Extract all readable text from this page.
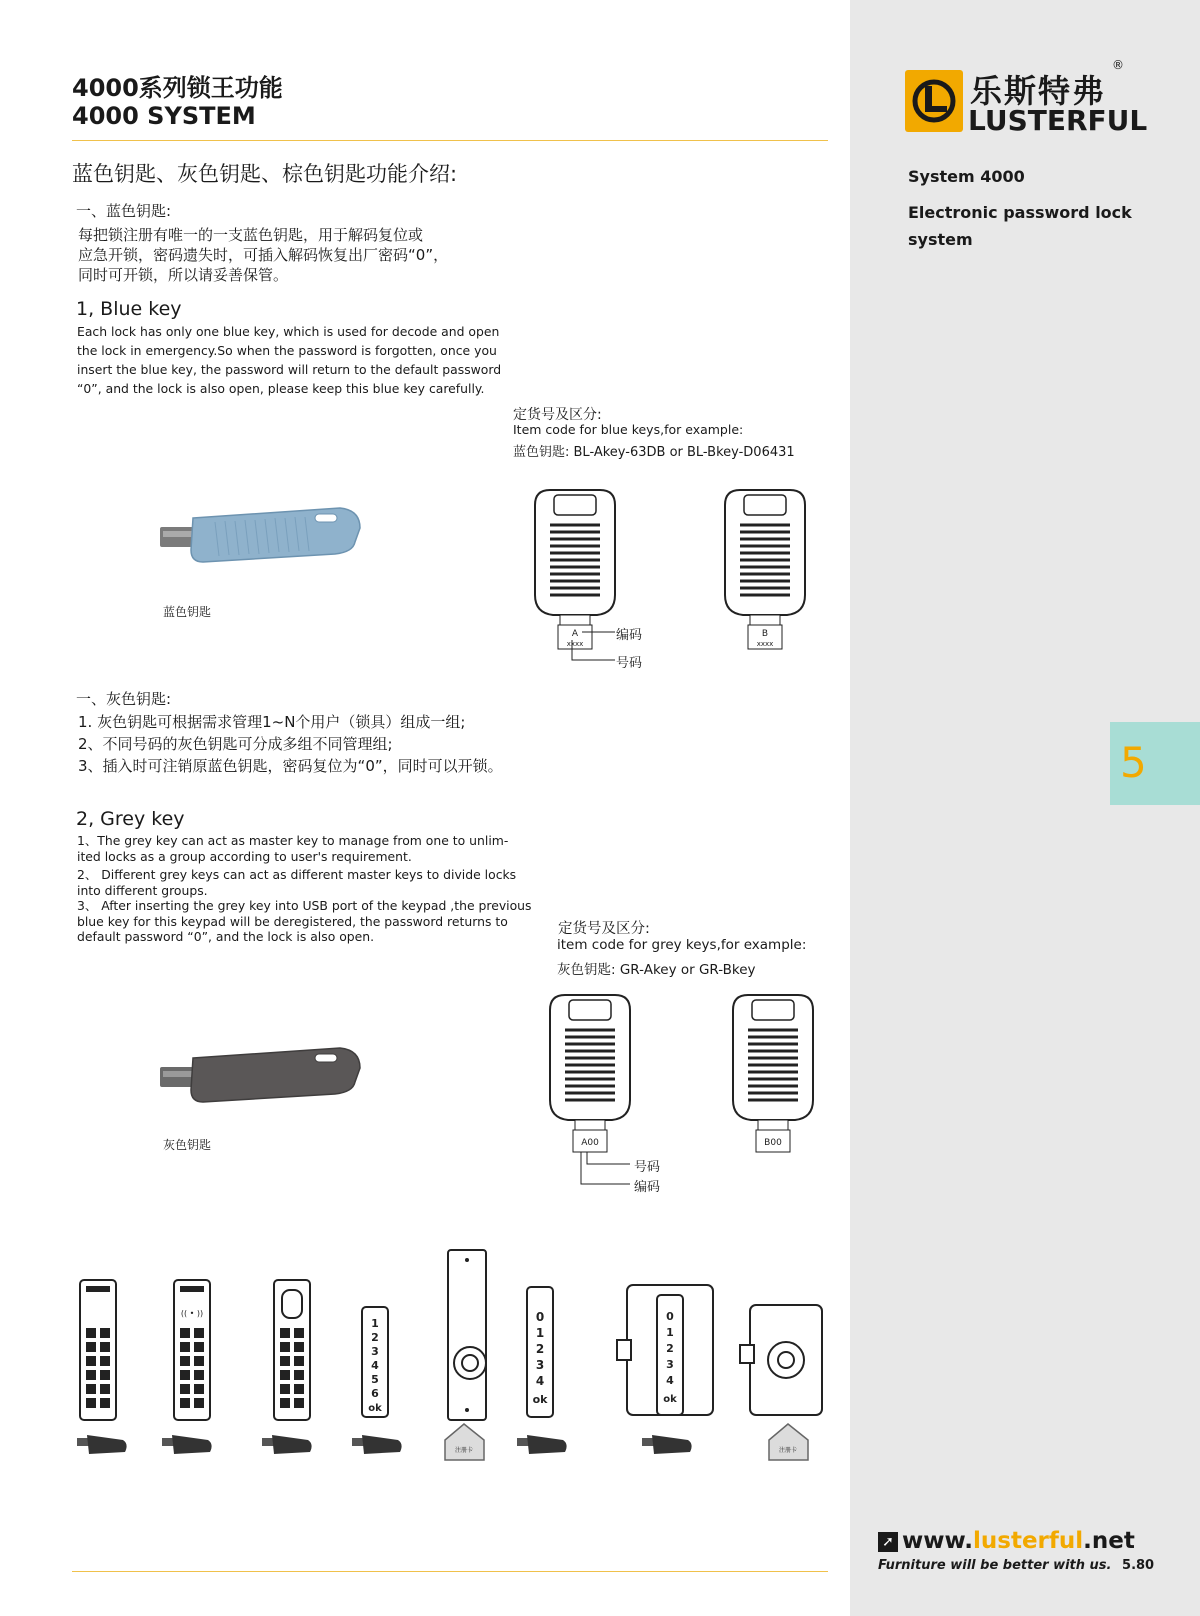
4000系列锁王功能
4000 SYSTEM
蓝色钥匙、灰色钥匙、棕色钥匙功能介绍:
一、蓝色钥匙:
每把锁注册有唯一的一支蓝色钥匙，用于解码复位或
应急开锁，密码遗失时，可插入解码恢复出厂密码“0”，
同时可开锁，所以请妥善保管。
1, Blue key
Each lock has only one blue key, which is used for decode and open
the lock in emergency.So when the password is forgotten, once you
insert the blue key, the password will return to the default password
“0”, and the lock is also open, please keep this blue key carefully.
定货号及区分:
Item code for blue keys,for example:
蓝色钥匙: BL-Akey-63DB or BL-Bkey-D06431
蓝色钥匙
A
xxxx
B
xxxx
编码
号码
一、灰色钥匙:
1. 灰色钥匙可根据需求管理1~N个用户（锁具）组成一组;
2、不同号码的灰色钥匙可分成多组不同管理组;
3、插入时可注销原蓝色钥匙，密码复位为“0”，同时可以开锁。
2, Grey key
1、The grey key can act as master key to manage from one to unlim-
ited locks as a group according to user's requirement.
2、 Different grey keys can act as different master keys to divide locks
into different groups.
3、 After inserting the grey key into USB port of the keypad ,the previous
blue key for this keypad will be deregistered, the password returns to
default password “0”, and the lock is also open.	定货号及区分:
item code for grey keys,for example:
灰色钥匙: GR-Akey or GR-Bkey
灰色钥匙	A00	B00
号码
编码
(( • ))
1
2
3
4
5
6
ok
0
1
2
3
4
ok
0
1
2
3
4
ok
注册卡	注册卡
乐斯特弗
LUSTERFUL
®
System 4000
Electronic password lock system
5
➚ www.lusterful.net
Furniture will be better with us. 5.80
